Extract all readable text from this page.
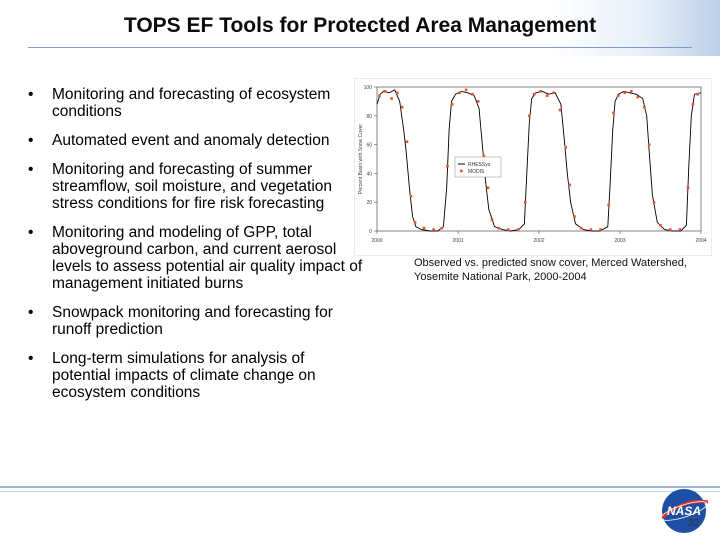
TOPS EF Tools for Protected Area Management
• Monitoring and forecasting of ecosystem conditions
• Automated event and anomaly detection
• Monitoring and forecasting of summer streamflow, soil moisture, and vegetation stress conditions for fire risk forecasting
• Monitoring and modeling of GPP, total aboveground carbon, and current aerosol levels to assess potential air quality impact of management initiated burns
• Snowpack monitoring and forecasting for runoff prediction
• Long-term simulations for analysis of potential impacts of climate change on ecosystem conditions
0
20
40
60
80
100
2000	2001	2002	2003	2004
Percent Basin with Snow Cover	RHESSys
MODIS
Observed vs. predicted snow cover, Merced Watershed, Yosemite National Park, 2000-2004
NASA
32
